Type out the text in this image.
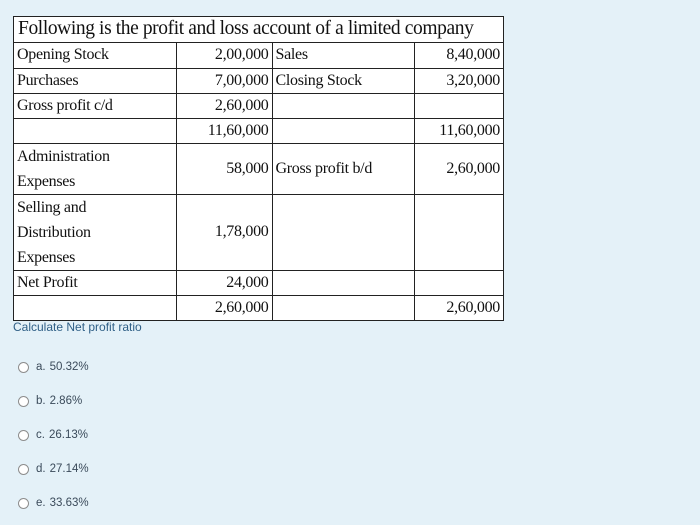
Following is the profit and loss account of a limited company
Opening Stock	2,00,000	Sales	8,40,000
Purchases	7,00,000	Closing Stock	3,20,000
Gross profit c/d	2,60,000		
	11,60,000		11,60,000

Administration
Expenses	58,000	Gross profit b/d	2,60,000

Selling and
Distribution
Expenses	1,78,000		
Net Profit	24,000		
	2,60,000		2,60,000

Calculate Net profit ratio

a. 50.32%
b. 2.86%
c. 26.13%
d. 27.14%
e. 33.63%
